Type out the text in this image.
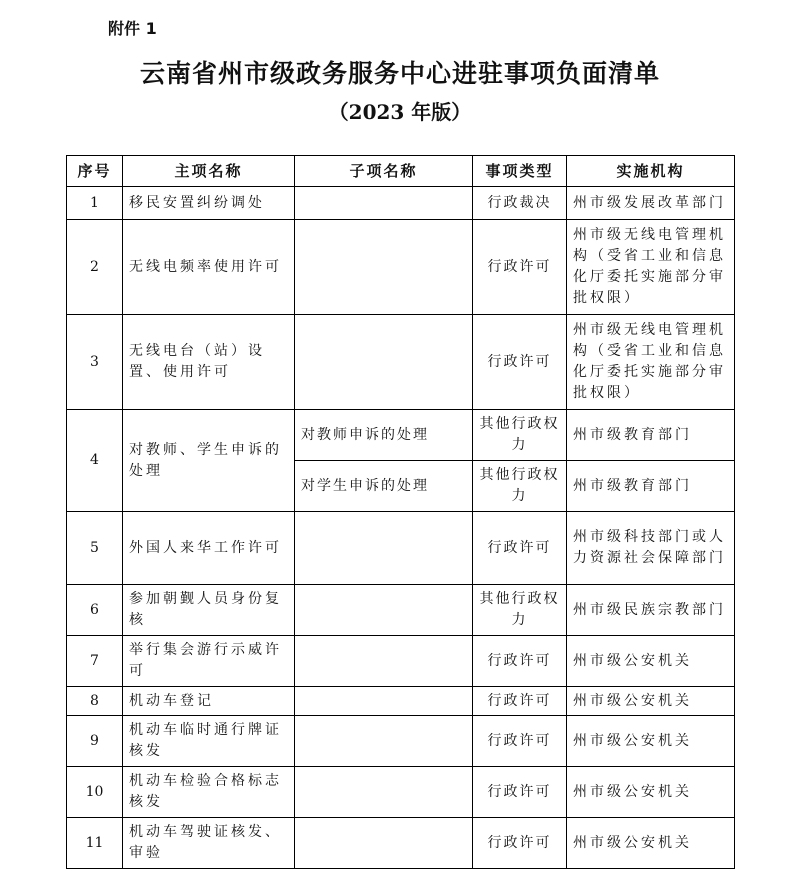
附件 1
云南省州市级政务服务中心进驻事项负面清单
（2023 年版）
序号	主项名称	子项名称	事项类型	实施机构
1	移民安置纠纷调处		行政裁决	州市级发展改革部门
2	无线电频率使用许可		行政许可	州市级无线电管理机构（受省工业和信息化厅委托实施部分审批权限）
3	无线电台（站）设置、使用许可		行政许可	州市级无线电管理机构（受省工业和信息化厅委托实施部分审批权限）
4	对教师、学生申诉的处理	对教师申诉的处理	其他行政权力	州市级教育部门
		对学生申诉的处理	其他行政权力	州市级教育部门
5	外国人来华工作许可		行政许可	州市级科技部门或人力资源社会保障部门
6	参加朝觐人员身份复核		其他行政权力	州市级民族宗教部门
7	举行集会游行示威许可		行政许可	州市级公安机关
8	机动车登记		行政许可	州市级公安机关
9	机动车临时通行牌证核发		行政许可	州市级公安机关
10	机动车检验合格标志核发		行政许可	州市级公安机关
11	机动车驾驶证核发、审验		行政许可	州市级公安机关
